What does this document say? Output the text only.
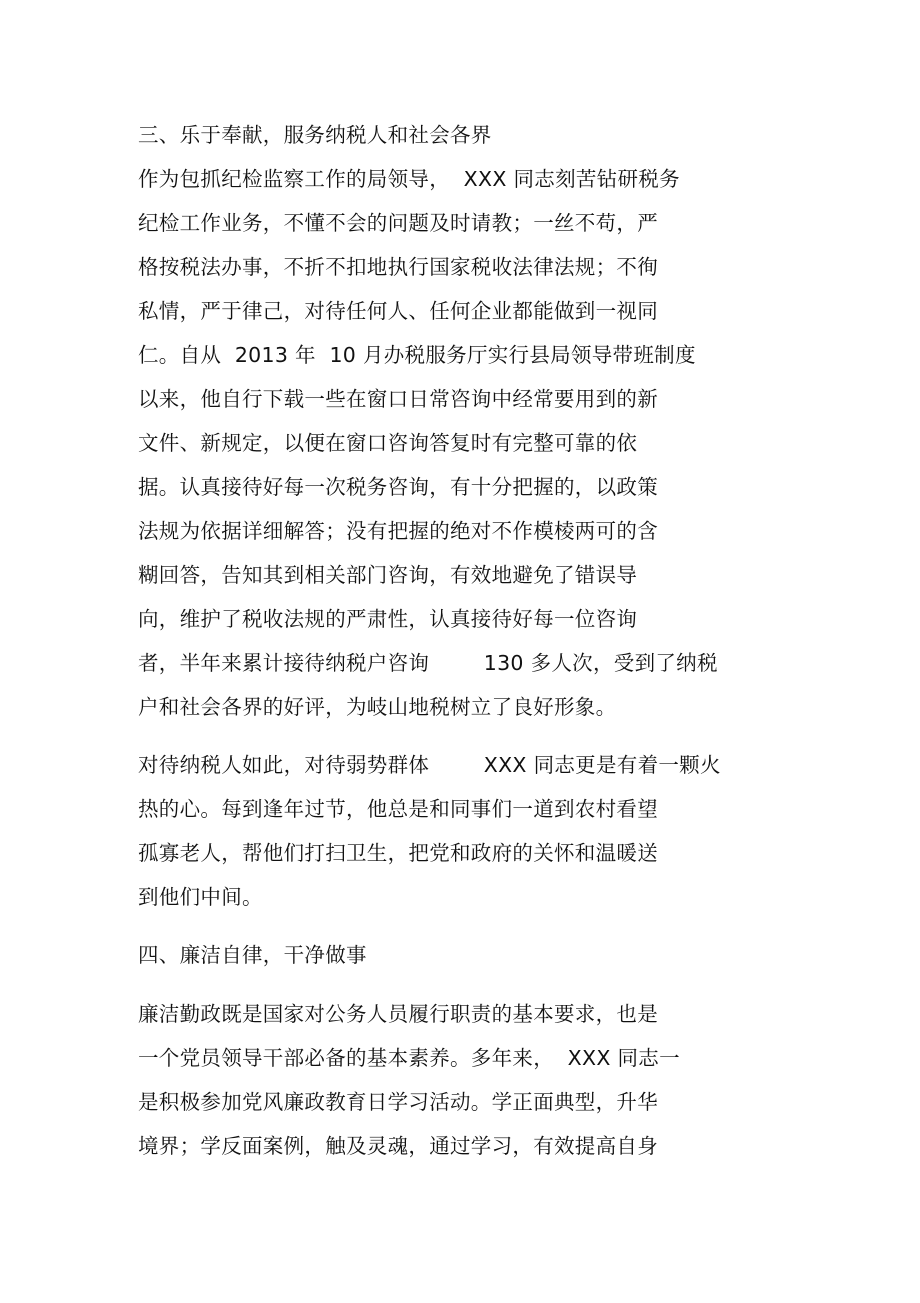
三、乐于奉献，服务纳税人和社会各界
作为包抓纪检监察工作的局领导，  XXX 同志刻苦钻研税务
纪检工作业务，不懂不会的问题及时请教；一丝不苟，严
格按税法办事，不折不扣地执行国家税收法律法规；不徇
私情，严于律己，对待任何人、任何企业都能做到一视同
仁。自从  2013 年  10 月办税服务厅实行县局领导带班制度
以来，他自行下载一些在窗口日常咨询中经常要用到的新
文件、新规定，以便在窗口咨询答复时有完整可靠的依
据。认真接待好每一次税务咨询，有十分把握的，以政策
法规为依据详细解答；没有把握的绝对不作模棱两可的含
糊回答，告知其到相关部门咨询，有效地避免了错误导
向，维护了税收法规的严肃性，认真接待好每一位咨询
者，半年来累计接待纳税户咨询        130 多人次，受到了纳税
户和社会各界的好评，为岐山地税树立了良好形象。
对待纳税人如此，对待弱势群体        XXX 同志更是有着一颗火
热的心。每到逢年过节，他总是和同事们一道到农村看望
孤寡老人，帮他们打扫卫生，把党和政府的关怀和温暖送
到他们中间。
四、廉洁自律，干净做事
廉洁勤政既是国家对公务人员履行职责的基本要求，也是
一个党员领导干部必备的基本素养。多年来，  XXX 同志一
是积极参加党风廉政教育日学习活动。学正面典型，升华
境界；学反面案例，触及灵魂，通过学习，有效提高自身
